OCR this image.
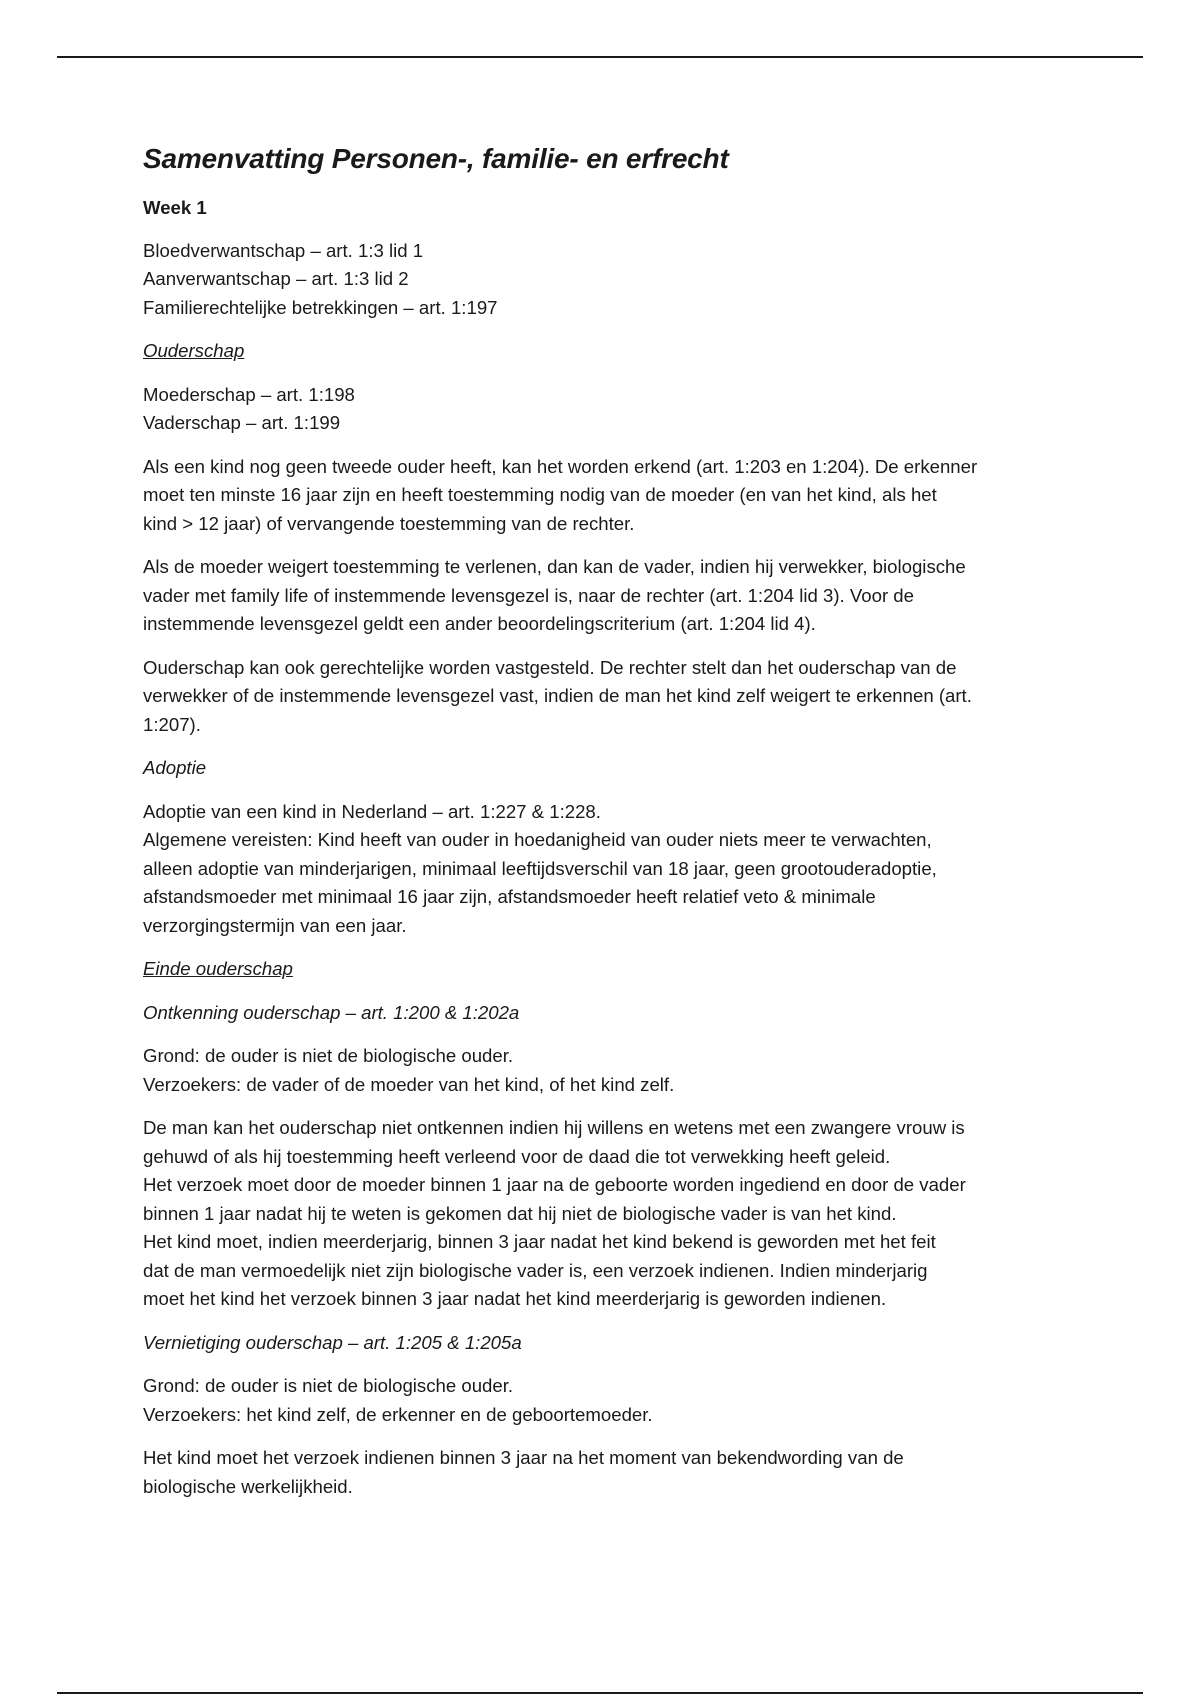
Samenvatting Personen-, familie- en erfrecht
Week 1

Bloedverwantschap – art. 1:3 lid 1
Aanverwantschap – art. 1:3 lid 2
Familierechtelijke betrekkingen – art. 1:197

Ouderschap

Moederschap – art. 1:198
Vaderschap – art. 1:199

Als een kind nog geen tweede ouder heeft, kan het worden erkend (art. 1:203 en 1:204). De erkenner
moet ten minste 16 jaar zijn en heeft toestemming nodig van de moeder (en van het kind, als het
kind > 12 jaar) of vervangende toestemming van de rechter.

Als de moeder weigert toestemming te verlenen, dan kan de vader, indien hij verwekker, biologische
vader met family life of instemmende levensgezel is, naar de rechter (art. 1:204 lid 3). Voor de
instemmende levensgezel geldt een ander beoordelingscriterium (art. 1:204 lid 4).

Ouderschap kan ook gerechtelijke worden vastgesteld. De rechter stelt dan het ouderschap van de
verwekker of de instemmende levensgezel vast, indien de man het kind zelf weigert te erkennen (art.
1:207).

Adoptie

Adoptie van een kind in Nederland – art. 1:227 & 1:228.
Algemene vereisten: Kind heeft van ouder in hoedanigheid van ouder niets meer te verwachten,
alleen adoptie van minderjarigen, minimaal leeftijdsverschil van 18 jaar, geen grootouderadoptie,
afstandsmoeder met minimaal 16 jaar zijn, afstandsmoeder heeft relatief veto & minimale
verzorgingstermijn van een jaar.

Einde ouderschap
Ontkenning ouderschap – art. 1:200 & 1:202a

Grond: de ouder is niet de biologische ouder.
Verzoekers: de vader of de moeder van het kind, of het kind zelf.

De man kan het ouderschap niet ontkennen indien hij willens en wetens met een zwangere vrouw is
gehuwd of als hij toestemming heeft verleend voor de daad die tot verwekking heeft geleid.
Het verzoek moet door de moeder binnen 1 jaar na de geboorte worden ingediend en door de vader
binnen 1 jaar nadat hij te weten is gekomen dat hij niet de biologische vader is van het kind.
Het kind moet, indien meerderjarig, binnen 3 jaar nadat het kind bekend is geworden met het feit
dat de man vermoedelijk niet zijn biologische vader is, een verzoek indienen. Indien minderjarig
moet het kind het verzoek binnen 3 jaar nadat het kind meerderjarig is geworden indienen.

Vernietiging ouderschap – art. 1:205 & 1:205a

Grond: de ouder is niet de biologische ouder.
Verzoekers: het kind zelf, de erkenner en de geboortemoeder.

Het kind moet het verzoek indienen binnen 3 jaar na het moment van bekendwording van de
biologische werkelijkheid.
